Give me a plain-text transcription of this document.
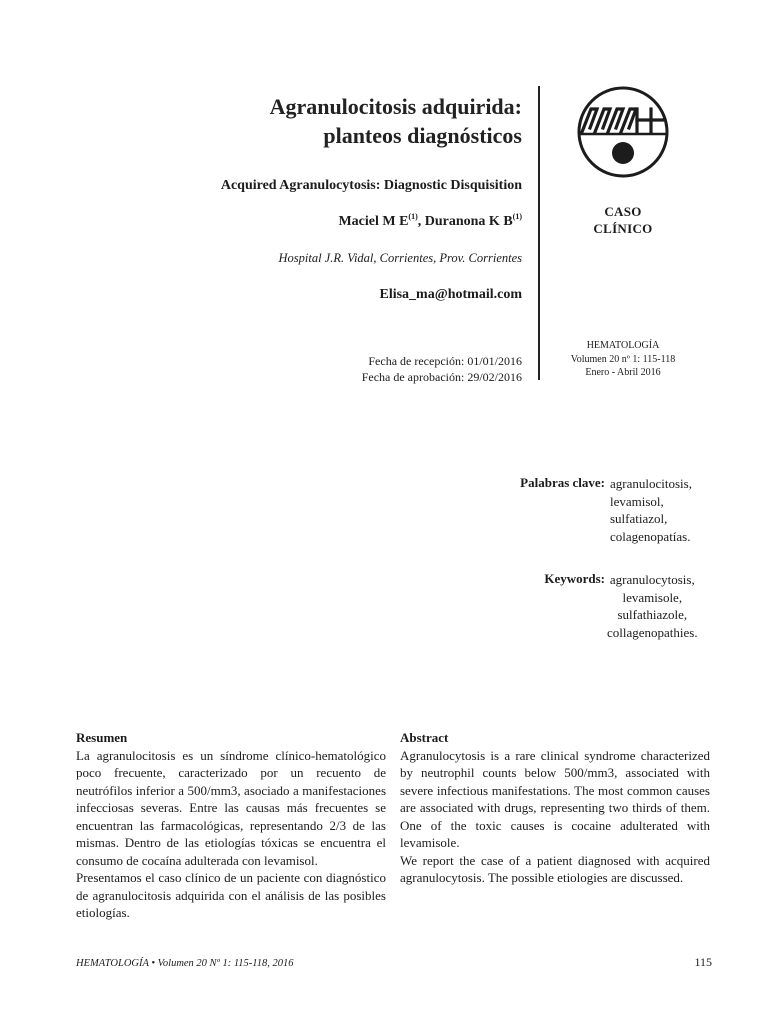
Agranulocitosis adquirida:
planteos diagnósticos
Acquired Agranulocytosis: Diagnostic Disquisition
Maciel M $E^{(1)}$, Duranona K $B^{(1)}$
Hospital J.R. Vidal, Corrientes, Prov. Corrientes
Elisa_ma@hotmail.com
Fecha de recepción: 01/01/2016
Fecha de aprobación: 29/02/2016
CASO
CLÍNICO
HEMATOLOGÍA
Volumen 20 nº 1: 115-118
Enero - Abril 2016
Palabras clave: agranulocitosis,
levamisol,
sulfatiazol,
colagenopatías.
Keywords: agranulocytosis,
levamisole,
sulfathiazole,
collagenopathies.
Resumen

La agranulocitosis es un síndrome clínico-hematológico poco frecuente, caracterizado por un recuento de neutrófilos inferior a 500/mm3, asociado a manifestaciones infecciosas severas. Entre las causas más frecuentes se encuentran las farmacológicas, representando 2/3 de las mismas. Dentro de las etiologías tóxicas se encuentra el consumo de cocaína adulterada con levamisol.

Presentamos el caso clínico de un paciente con diagnóstico de agranulocitosis adquirida con el análisis de las posibles etiologías.

Abstract

Agranulocytosis is a rare clinical syndrome characterized by neutrophil counts below 500/mm3, associated with severe infectious manifestations. The most common causes are associated with drugs, representing two thirds of them. One of the toxic causes is cocaine adulterated with levamisole.

We report the case of a patient diagnosed with acquired agranulocytosis. The possible etiologies are discussed.

HEMATOLOGÍA • Volumen 20 Nº 1: 115-118, 2016	115
